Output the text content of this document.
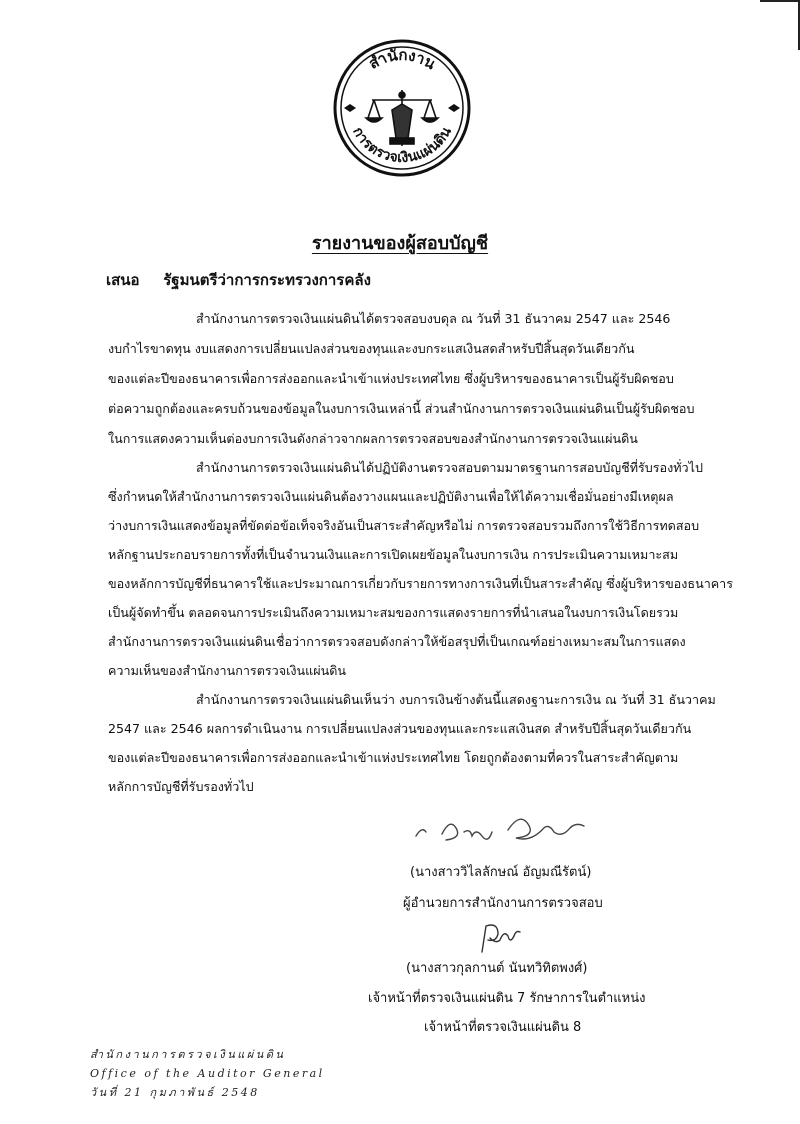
สำนักงาน
การตรวจเงินแผ่นดิน
รายงานของผู้สอบบัญชี
เสนอ รัฐมนตรีว่าการกระทรวงการคลัง
สำนักงานการตรวจเงินแผ่นดินได้ตรวจสอบงบดุล ณ วันที่ 31 ธันวาคม 2547 และ 2546
งบกำไรขาดทุน งบแสดงการเปลี่ยนแปลงส่วนของทุนและงบกระแสเงินสดสำหรับปีสิ้นสุดวันเดียวกัน
ของแต่ละปีของธนาคารเพื่อการส่งออกและนำเข้าแห่งประเทศไทย ซึ่งผู้บริหารของธนาคารเป็นผู้รับผิดชอบ
ต่อความถูกต้องและครบถ้วนของข้อมูลในงบการเงินเหล่านี้ ส่วนสำนักงานการตรวจเงินแผ่นดินเป็นผู้รับผิดชอบ
ในการแสดงความเห็นต่องบการเงินดังกล่าวจากผลการตรวจสอบของสำนักงานการตรวจเงินแผ่นดิน
สำนักงานการตรวจเงินแผ่นดินได้ปฏิบัติงานตรวจสอบตามมาตรฐานการสอบบัญชีที่รับรองทั่วไป
ซึ่งกำหนดให้สำนักงานการตรวจเงินแผ่นดินต้องวางแผนและปฏิบัติงานเพื่อให้ได้ความเชื่อมั่นอย่างมีเหตุผล
ว่างบการเงินแสดงข้อมูลที่ขัดต่อข้อเท็จจริงอันเป็นสาระสำคัญหรือไม่ การตรวจสอบรวมถึงการใช้วิธีการทดสอบ
หลักฐานประกอบรายการทั้งที่เป็นจำนวนเงินและการเปิดเผยข้อมูลในงบการเงิน การประเมินความเหมาะสม
ของหลักการบัญชีที่ธนาคารใช้และประมาณการเกี่ยวกับรายการทางการเงินที่เป็นสาระสำคัญ ซึ่งผู้บริหารของธนาคาร
เป็นผู้จัดทำขึ้น ตลอดจนการประเมินถึงความเหมาะสมของการแสดงรายการที่นำเสนอในงบการเงินโดยรวม
สำนักงานการตรวจเงินแผ่นดินเชื่อว่าการตรวจสอบดังกล่าวให้ข้อสรุปที่เป็นเกณฑ์อย่างเหมาะสมในการแสดง
ความเห็นของสำนักงานการตรวจเงินแผ่นดิน
สำนักงานการตรวจเงินแผ่นดินเห็นว่า งบการเงินข้างต้นนี้แสดงฐานะการเงิน ณ วันที่ 31 ธันวาคม
2547 และ 2546 ผลการดำเนินงาน การเปลี่ยนแปลงส่วนของทุนและกระแสเงินสด สำหรับปีสิ้นสุดวันเดียวกัน
ของแต่ละปีของธนาคารเพื่อการส่งออกและนำเข้าแห่งประเทศไทย โดยถูกต้องตามที่ควรในสาระสำคัญตาม
หลักการบัญชีที่รับรองทั่วไป
(นางสาววิไลลักษณ์ อัญมณีรัตน์)
ผู้อำนวยการสำนักงานการตรวจสอบ
(นางสาวกุลกานต์ นันทวิทิตพงศ์)
เจ้าหน้าที่ตรวจเงินแผ่นดิน 7 รักษาการในตำแหน่ง
เจ้าหน้าที่ตรวจเงินแผ่นดิน 8
สำนักงานการตรวจเงินแผ่นดิน
Office of the Auditor General
วันที่ 21 กุมภาพันธ์ 2548
